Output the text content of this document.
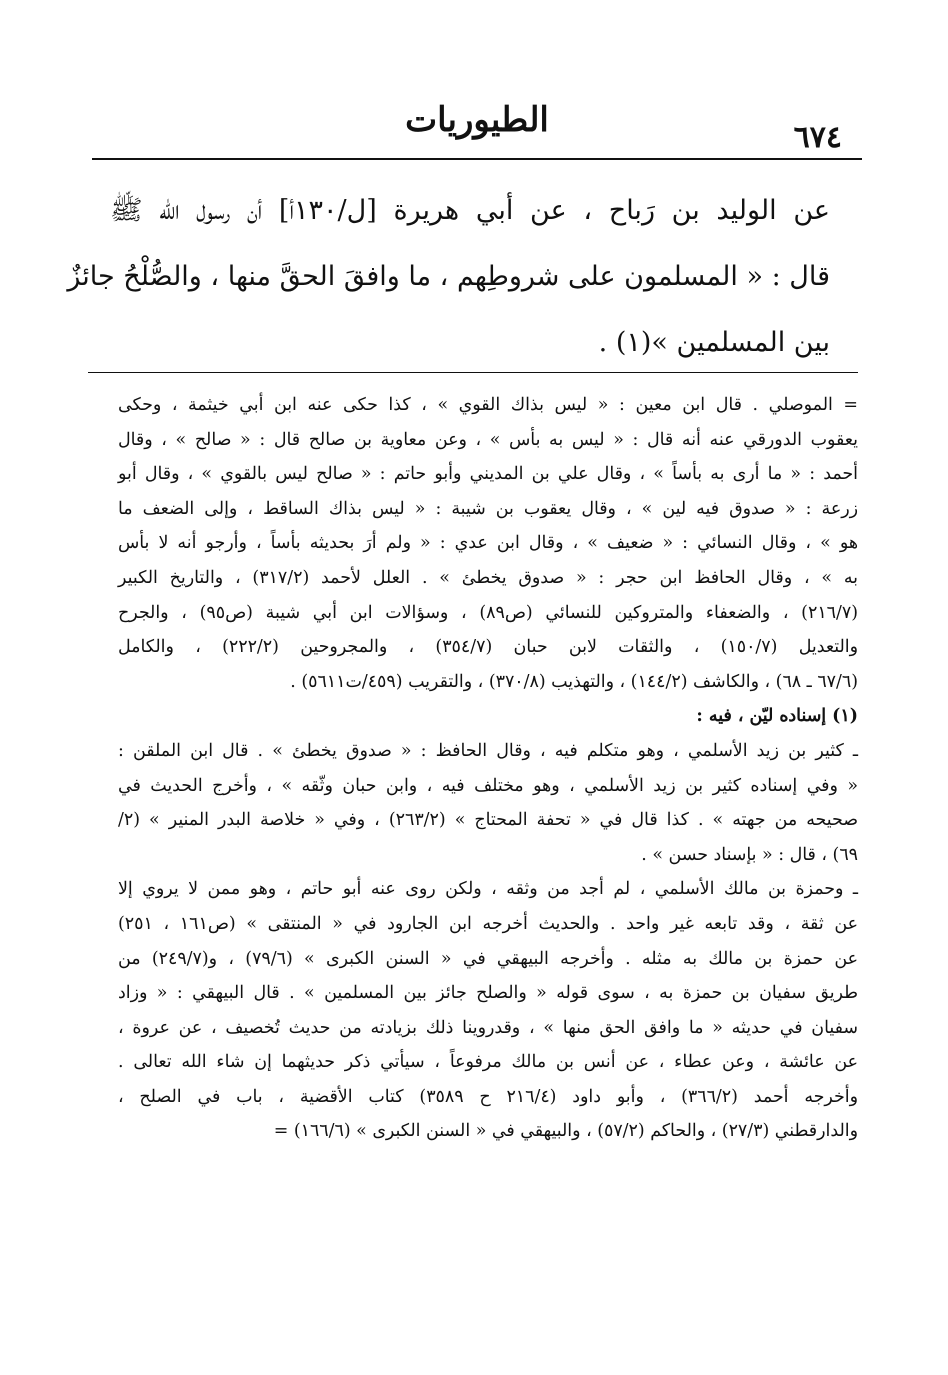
الطيوريات	٦٧٤
عن الوليد بن رَباح ، عن أبي هريرة [ل/١٣٠أ] أن رسول الله ﷺ
قال : « المسلمون على شروطِهم ، ما وافقَ الحقَّ منها ، والصُّلْحُ جائزٌ
بين المسلمين »(١) .
= الموصلي . قال ابن معين : « ليس بذاك القوي » ، كذا حكى عنه ابن أبي خيثمة ، وحكى
يعقوب الدورقي عنه أنه قال : « ليس به بأس » ، وعن معاوية بن صالح قال : « صالح » ، وقال
أحمد : « ما أرى به بأساً » ، وقال علي بن المديني وأبو حاتم : « صالح ليس بالقوي » ، وقال أبو
زرعة : « صدوق فيه لين » ، وقال يعقوب بن شيبة : « ليس بذاك الساقط ، وإلى الضعف ما
هو » ، وقال النسائي : « ضعيف » ، وقال ابن عدي : « ولم أرَ بحديثه بأساً ، وأرجو أنه لا بأس
به » ، وقال الحافظ ابن حجر : « صدوق يخطئ » . العلل لأحمد (٣١٧/٢) ، والتاريخ الكبير
(٢١٦/٧) ، والضعفاء والمتروكين للنسائي (ص٨٩) ، وسؤالات ابن أبي شيبة (ص٩٥) ، والجرح
والتعديل (١٥٠/٧) ، والثقات لابن حبان (٣٥٤/٧) ، والمجروحين (٢٢٢/٢) ، والكامل
(٦٧/٦ ـ ٦٨) ، والكاشف (١٤٤/٢) ، والتهذيب (٣٧٠/٨) ، والتقريب (٤٥٩/ت٥٦١١) .
(١) إسناده ليّن ، فيه :
ـ كثير بن زيد الأسلمي ، وهو متكلم فيه ، وقال الحافظ : « صدوق يخطئ » . قال ابن الملقن :
« وفي إسناده كثير بن زيد الأسلمي ، وهو مختلف فيه ، وابن حبان وثّقه » ، وأخرج الحديث في
صحيحه من جهته » . كذا قال في « تحفة المحتاج » (٢٦٣/٢) ، وفي « خلاصة البدر المنير » (٢/
٦٩) ، قال : « بإسناد حسن » .
ـ وحمزة بن مالك الأسلمي ، لم أجد من وثقه ، ولكن روى عنه أبو حاتم ، وهو ممن لا يروي إلا
عن ثقة ، وقد تابعه غير واحد . والحديث أخرجه ابن الجارود في « المنتقى » (ص١٦١ ، ٢٥١)
عن حمزة بن مالك به مثله . وأخرجه البيهقي في « السنن الكبرى » (٧٩/٦) ، و(٢٤٩/٧) من
طريق سفيان بن حمزة به ، سوى قوله « والصلح جائز بين المسلمين » . قال البيهقي : « وزاد
سفيان في حديثه « ما وافق الحق منها » ، وقدروينا ذلك بزيادته من حديث تُخصيف ، عن عروة ،
عن عائشة ، وعن عطاء ، عن أنس بن مالك مرفوعاً ، سيأتي ذكر حديثهما إن شاء الله تعالى .
وأخرجه أحمد (٣٦٦/٢) ، وأبو داود (٢١٦/٤ ح ٣٥٨٩) كتاب الأقضية ، باب في الصلح ،
والدارقطني (٢٧/٣) ، والحاكم (٥٧/٢) ، والبيهقي في « السنن الكبرى » (١٦٦/٦) =
